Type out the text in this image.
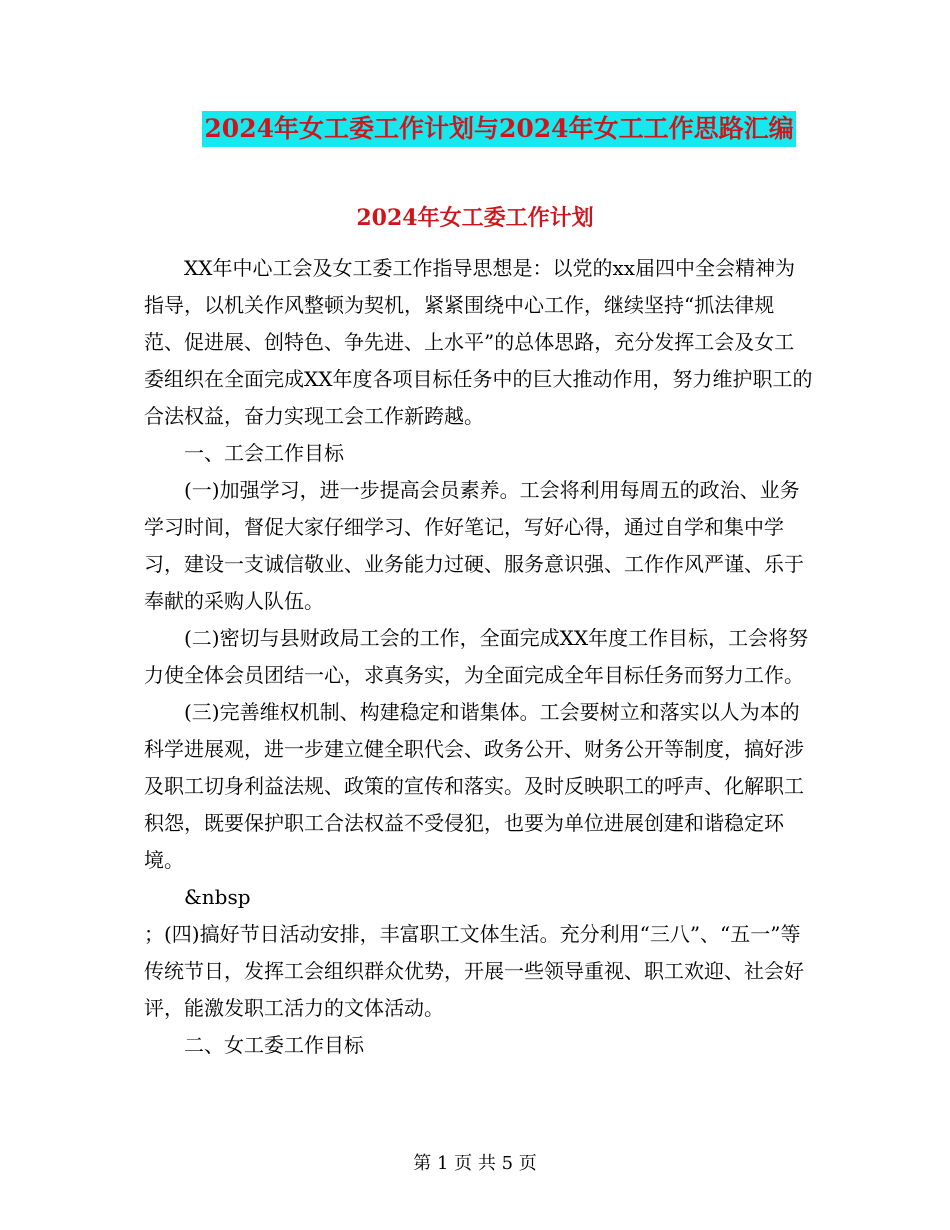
2024年女工委工作计划与2024年女工工作思路汇编
2024年女工委工作计划

XX年中心工会及女工委工作指导思想是：以党的xx届四中全会精神为指导，以机关作风整顿为契机，紧紧围绕中心工作，继续坚持“抓法律规范、促进展、创特色、争先进、上水平”的总体思路，充分发挥工会及女工委组织在全面完成XX年度各项目标任务中的巨大推动作用，努力维护职工的合法权益，奋力实现工会工作新跨越。

一、工会工作目标

(一)加强学习，进一步提高会员素养。工会将利用每周五的政治、业务学习时间，督促大家仔细学习、作好笔记，写好心得，通过自学和集中学习，建设一支诚信敬业、业务能力过硬、服务意识强、工作作风严谨、乐于奉献的采购人队伍。

(二)密切与县财政局工会的工作，全面完成XX年度工作目标，工会将努力使全体会员团结一心，求真务实，为全面完成全年目标任务而努力工作。

(三)完善维权机制、构建稳定和谐集体。工会要树立和落实以人为本的科学进展观，进一步建立健全职代会、政务公开、财务公开等制度，搞好涉及职工切身利益法规、政策的宣传和落实。及时反映职工的呼声、化解职工积怨，既要保护职工合法权益不受侵犯，也要为单位进展创建和谐稳定环境。

&nbsp

；(四)搞好节日活动安排，丰富职工文体生活。充分利用“三八”、“五一”等传统节日，发挥工会组织群众优势，开展一些领导重视、职工欢迎、社会好评，能激发职工活力的文体活动。

二、女工委工作目标

第 1 页 共 5 页
